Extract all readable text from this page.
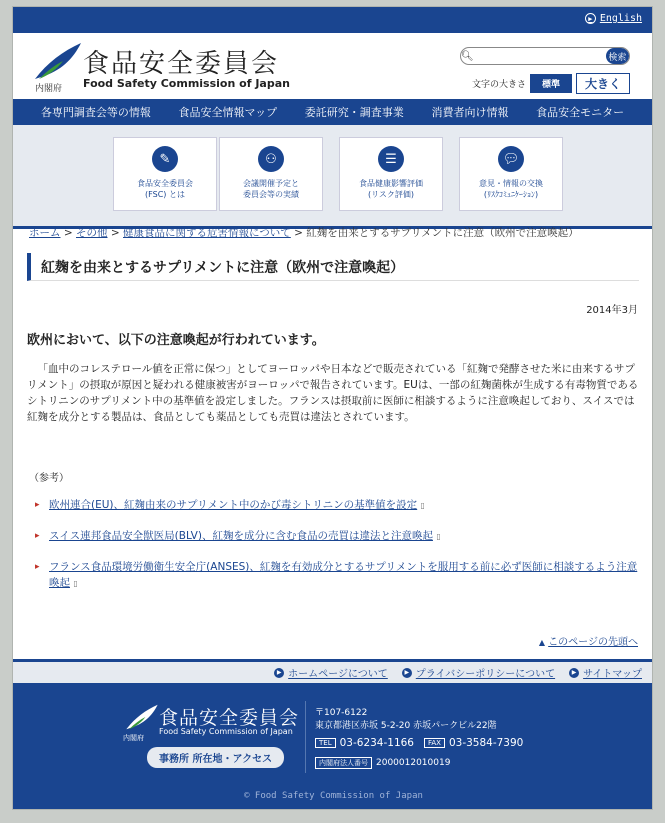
▶ English
内閣府
食品安全委員会
Food Safety Commission of Japan
🔍︎	検索
文字の大きさ	標準	大きく
各専門調査会等の情報	食品安全情報マップ	委託研究・調査事業	消費者向け情報	食品安全モニター
✎
食品安全委員会
(FSC) とは
⚇
会議開催予定と
委員会等の実績
☰
食品健康影響評価
(リスク評価)
💬︎
意見・情報の交換
(ﾘｽｸｺﾐｭﾆｹｰｼｮﾝ)
ホーム > その他 > 健康食品に関する危害情報について > 紅麹を由来とするサプリメントに注意（欧州で注意喚起）
紅麹を由来とするサプリメントに注意（欧州で注意喚起）
2014年3月
欧州において、以下の注意喚起が行われています。
「血中のコレステロール値を正常に保つ」としてヨーロッパや日本などで販売されている「紅麹で発酵させた米に由来するサプリメント」の摂取が原因と疑われる健康被害がヨーロッパで報告されています。EUは、一部の紅麹菌株が生成する有毒物質であるシトリニンのサプリメント中の基準値を設定しました。フランスは摂取前に医師に相談するように注意喚起しており、スイスでは紅麹を成分とする製品は、食品としても薬品としても売買は違法とされています。
（参考）
▸ 欧州連合(EU)、紅麹由来のサプリメント中のかび毒シトリニンの基準値を設定 ▯
▸ スイス連邦食品安全獣医局(BLV)、紅麹を成分に含む食品の売買は違法と注意喚起 ▯
▸ フランス食品環境労働衛生安全庁(ANSES)、紅麹を有効成分とするサプリメントを服用する前に必ず医師に相談するよう注意喚起 ▯
▲ このページの先頭へ
▶ ホームページについて	▶ プライバシーポリシーについて	▶ サイトマップ
内閣府
食品安全委員会
Food Safety Commission of Japan
事務所 所在地・アクセス
〒107-6122
東京都港区赤坂 5-2-20 赤坂パークビル22階
TEL 03-6234-1166	FAX 03-3584-7390
内閣府法人番号 2000012010019
© Food Safety Commission of Japan
